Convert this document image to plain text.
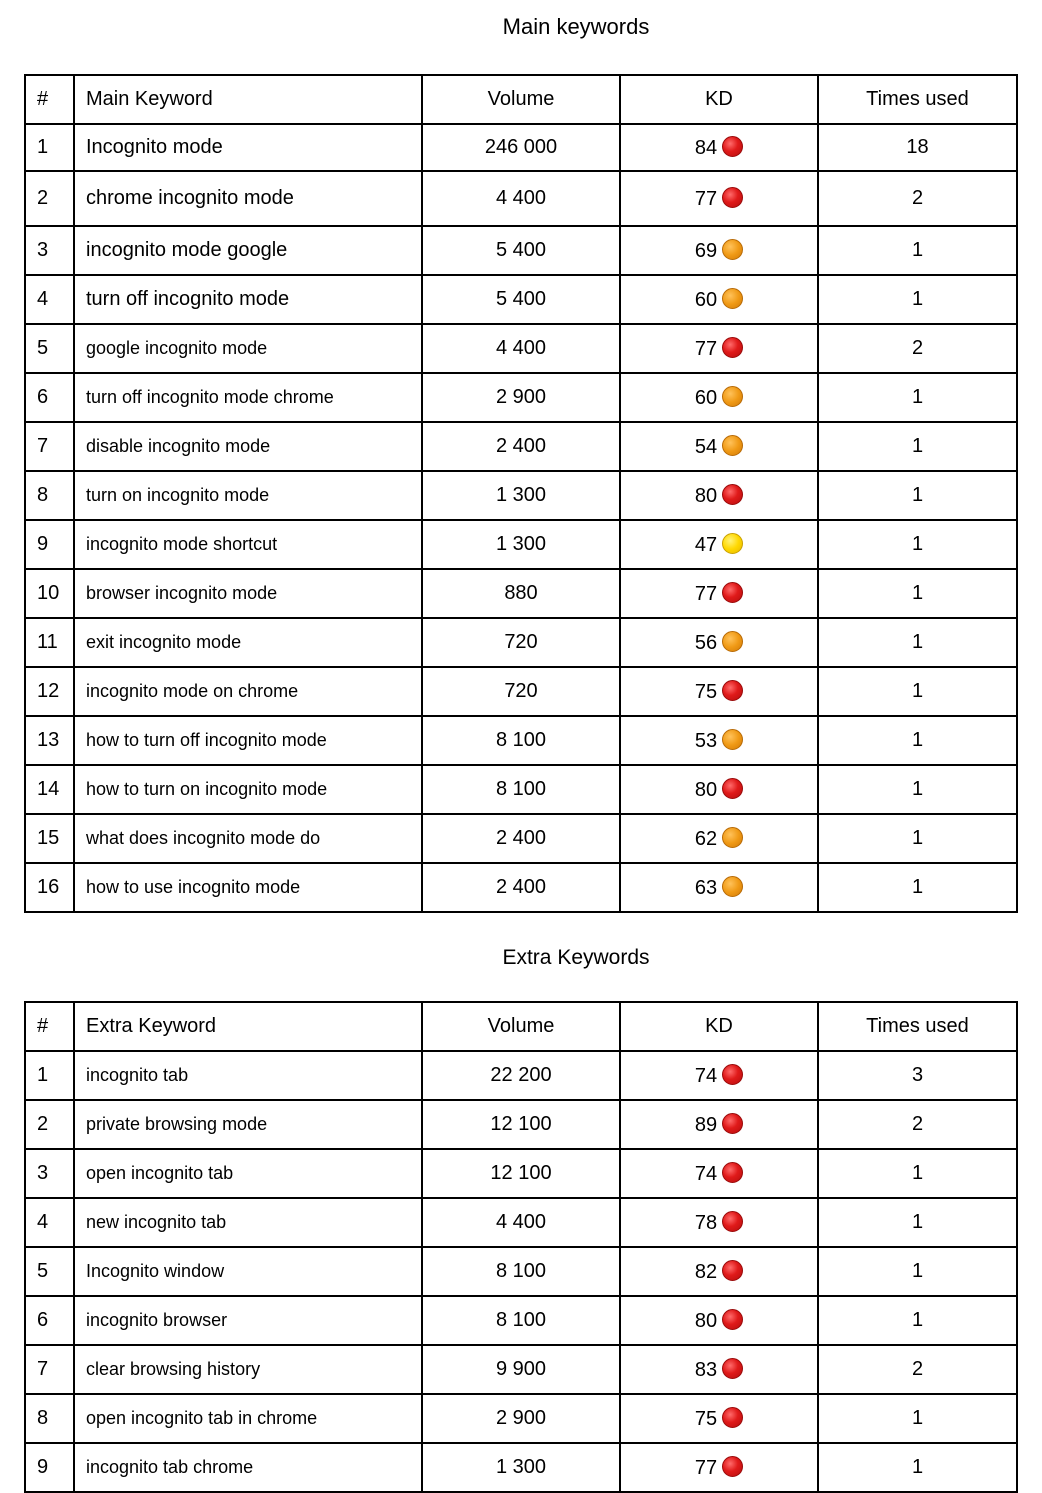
Main keywords
#	Main Keyword	Volume	KD	Times used
1	Incognito mode	246 000	84	18
2	chrome incognito mode	4 400	77	2
3	incognito mode google	5 400	69	1
4	turn off incognito mode	5 400	60	1
5	google incognito mode	4 400	77	2
6	turn off incognito mode chrome	2 900	60	1
7	disable incognito mode	2 400	54	1
8	turn on incognito mode	1 300	80	1
9	incognito mode shortcut	1 300	47	1
10	browser incognito mode	880	77	1
11	exit incognito mode	720	56	1
12	incognito mode on chrome	720	75	1
13	how to turn off incognito mode	8 100	53	1
14	how to turn on incognito mode	8 100	80	1
15	what does incognito mode do	2 400	62	1
16	how to use incognito mode	2 400	63	1
Extra Keywords
#	Extra Keyword	Volume	KD	Times used
1	incognito tab	22 200	74	3
2	private browsing mode	12 100	89	2
3	open incognito tab	12 100	74	1
4	new incognito tab	4 400	78	1
5	Incognito window	8 100	82	1
6	incognito browser	8 100	80	1
7	clear browsing history	9 900	83	2
8	open incognito tab in chrome	2 900	75	1
9	incognito tab chrome	1 300	77	1
